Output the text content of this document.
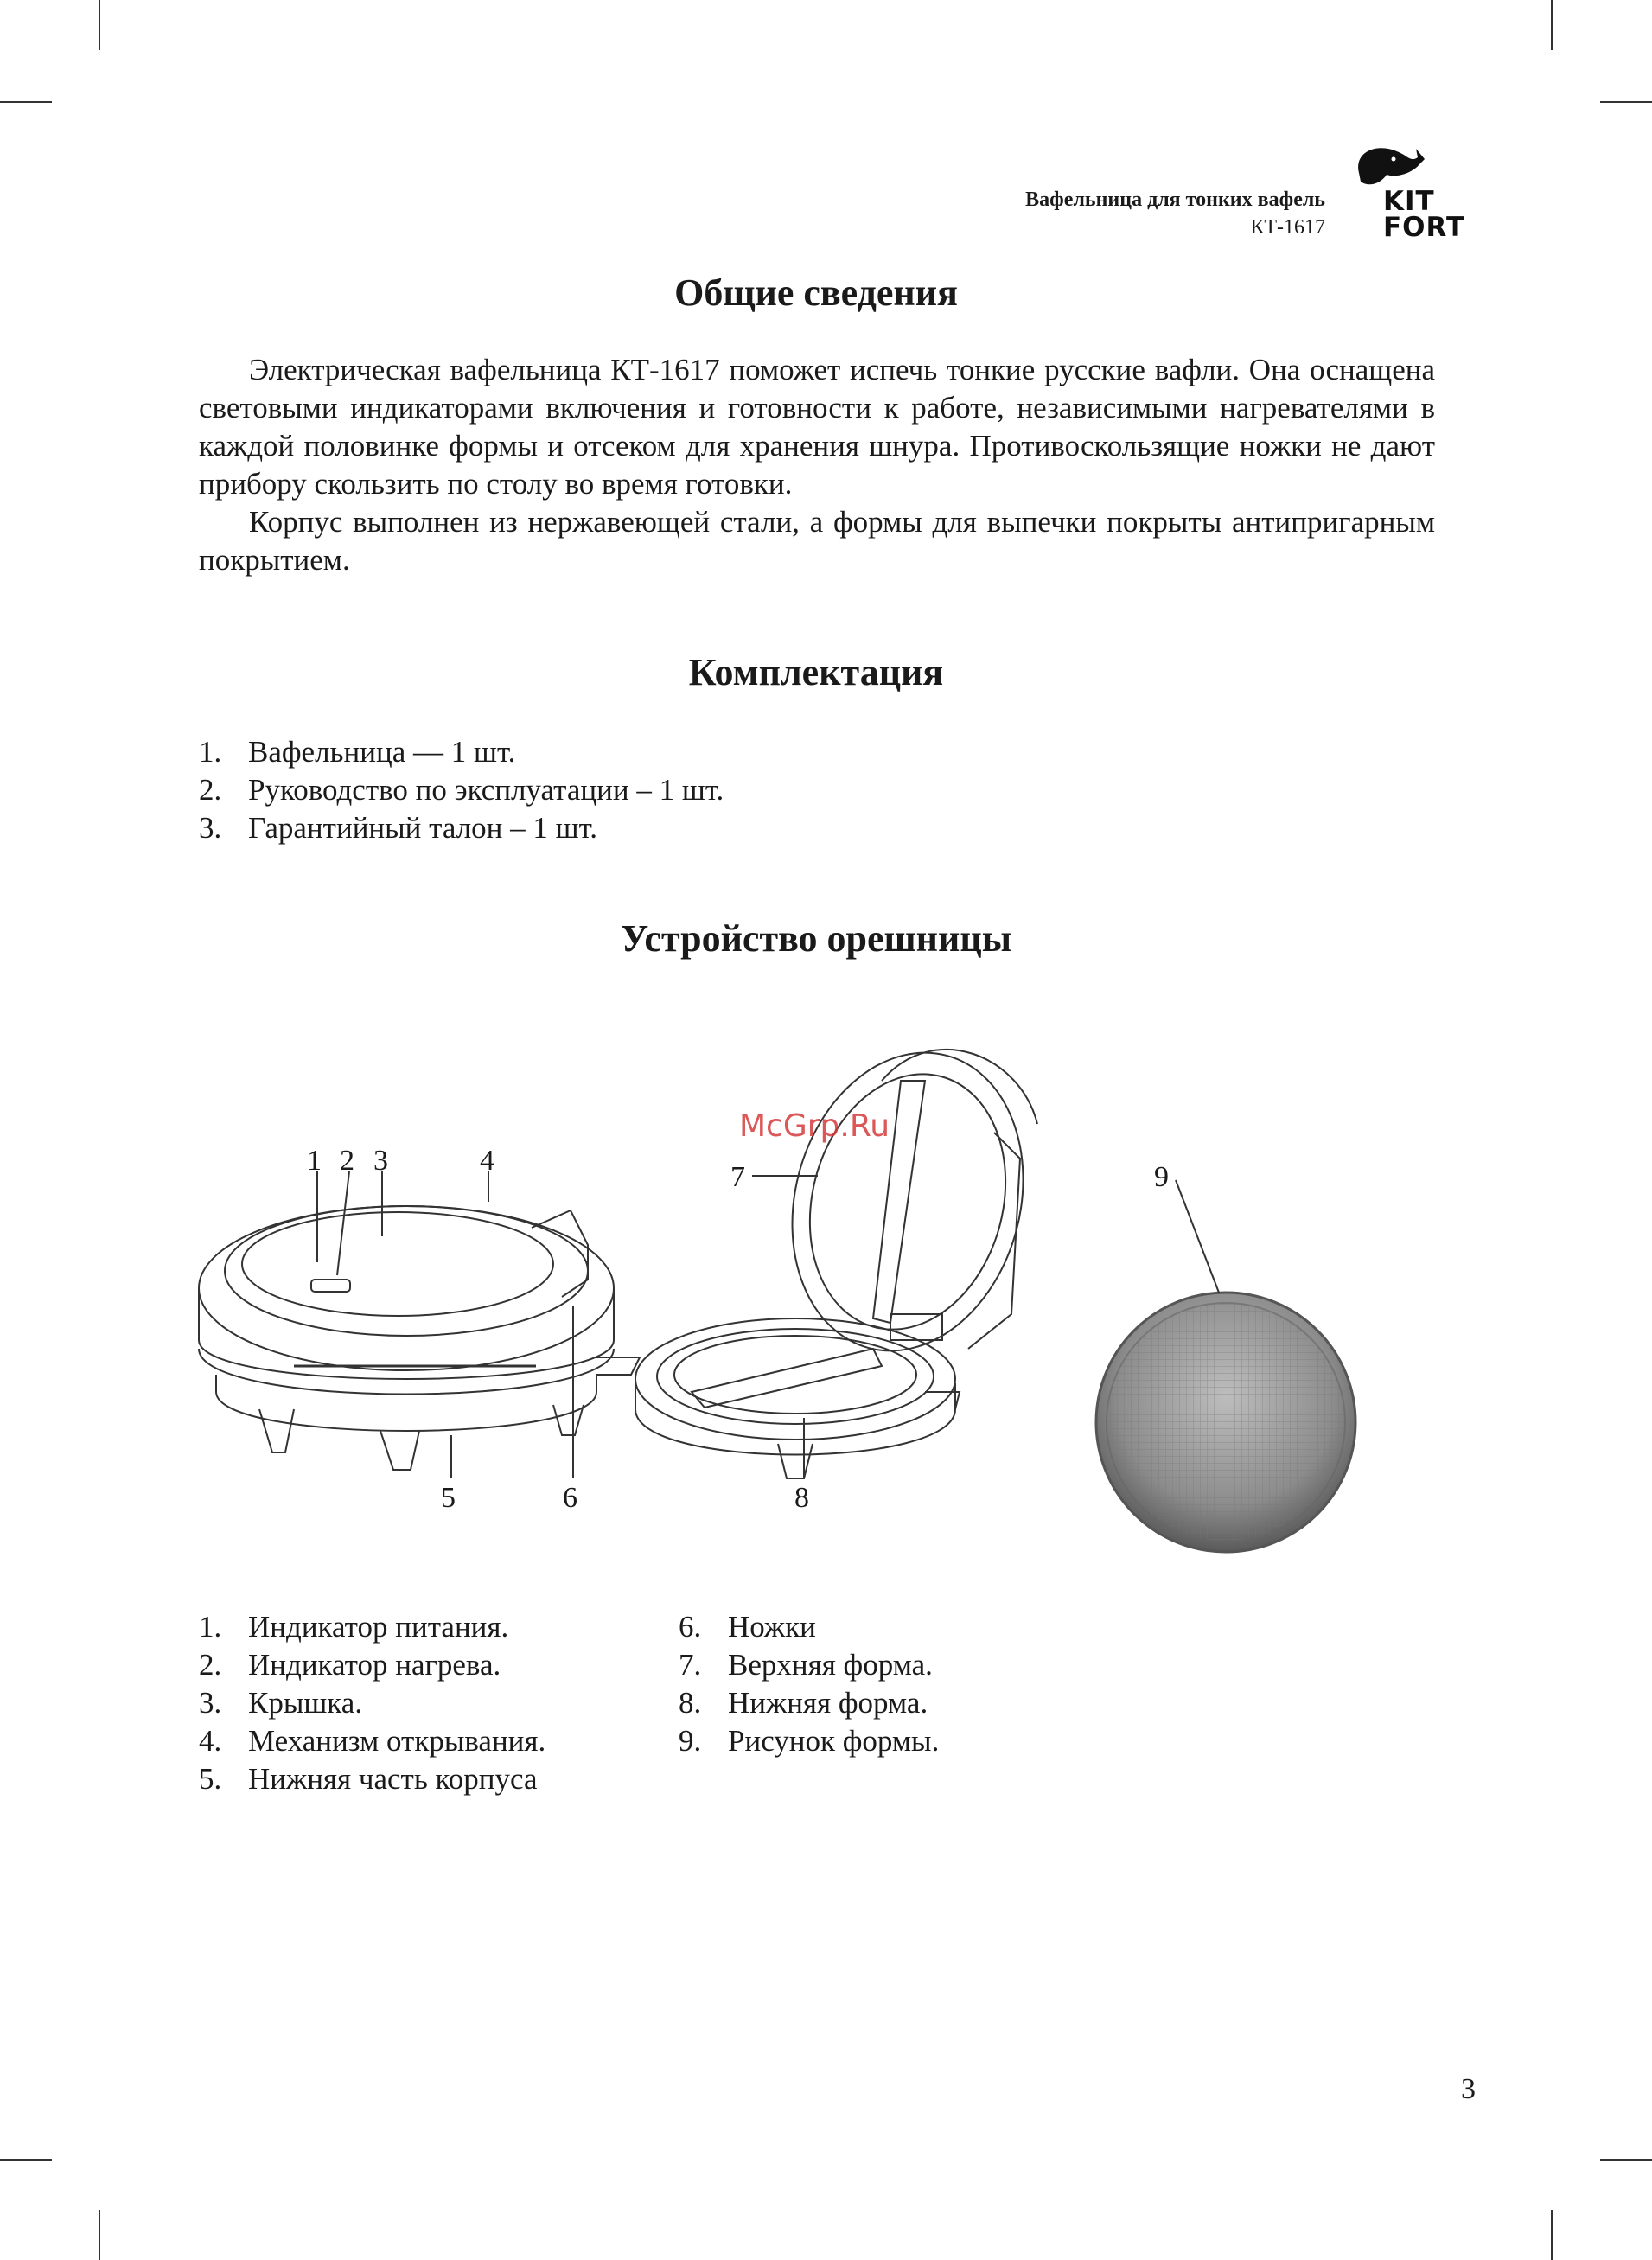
Вафельница для тонких вафель
КТ-1617
KIT
FORT
Общие сведения

Электрическая вафельница КТ-1617 поможет испечь тонкие русские вафли. Она оснащена световыми индикаторами включения и готовности к работе, независимыми нагревателями в каждой половинке формы и отсеком для хранения шнура. Противоскользящие ножки не дают прибору скользить по столу во время готовки.

Корпус выполнен из нержавеющей стали, а формы для выпечки покрыты антипригарным покрытием.

Комплектация
1. Вафельница — 1 шт.
2. Руководство по эксплуатации – 1 шт.
3. Гарантийный талон – 1 шт.
Устройство орешницы
1 2 3	4
5	6
7
8
9
McGrp.Ru
1. Индикатор питания.
2. Индикатор нагрева.
3. Крышка.
4. Механизм открывания.
5. Нижняя часть корпуса
6. Ножки
7. Верхняя форма.
8. Нижняя форма.
9. Рисунок формы.
3
